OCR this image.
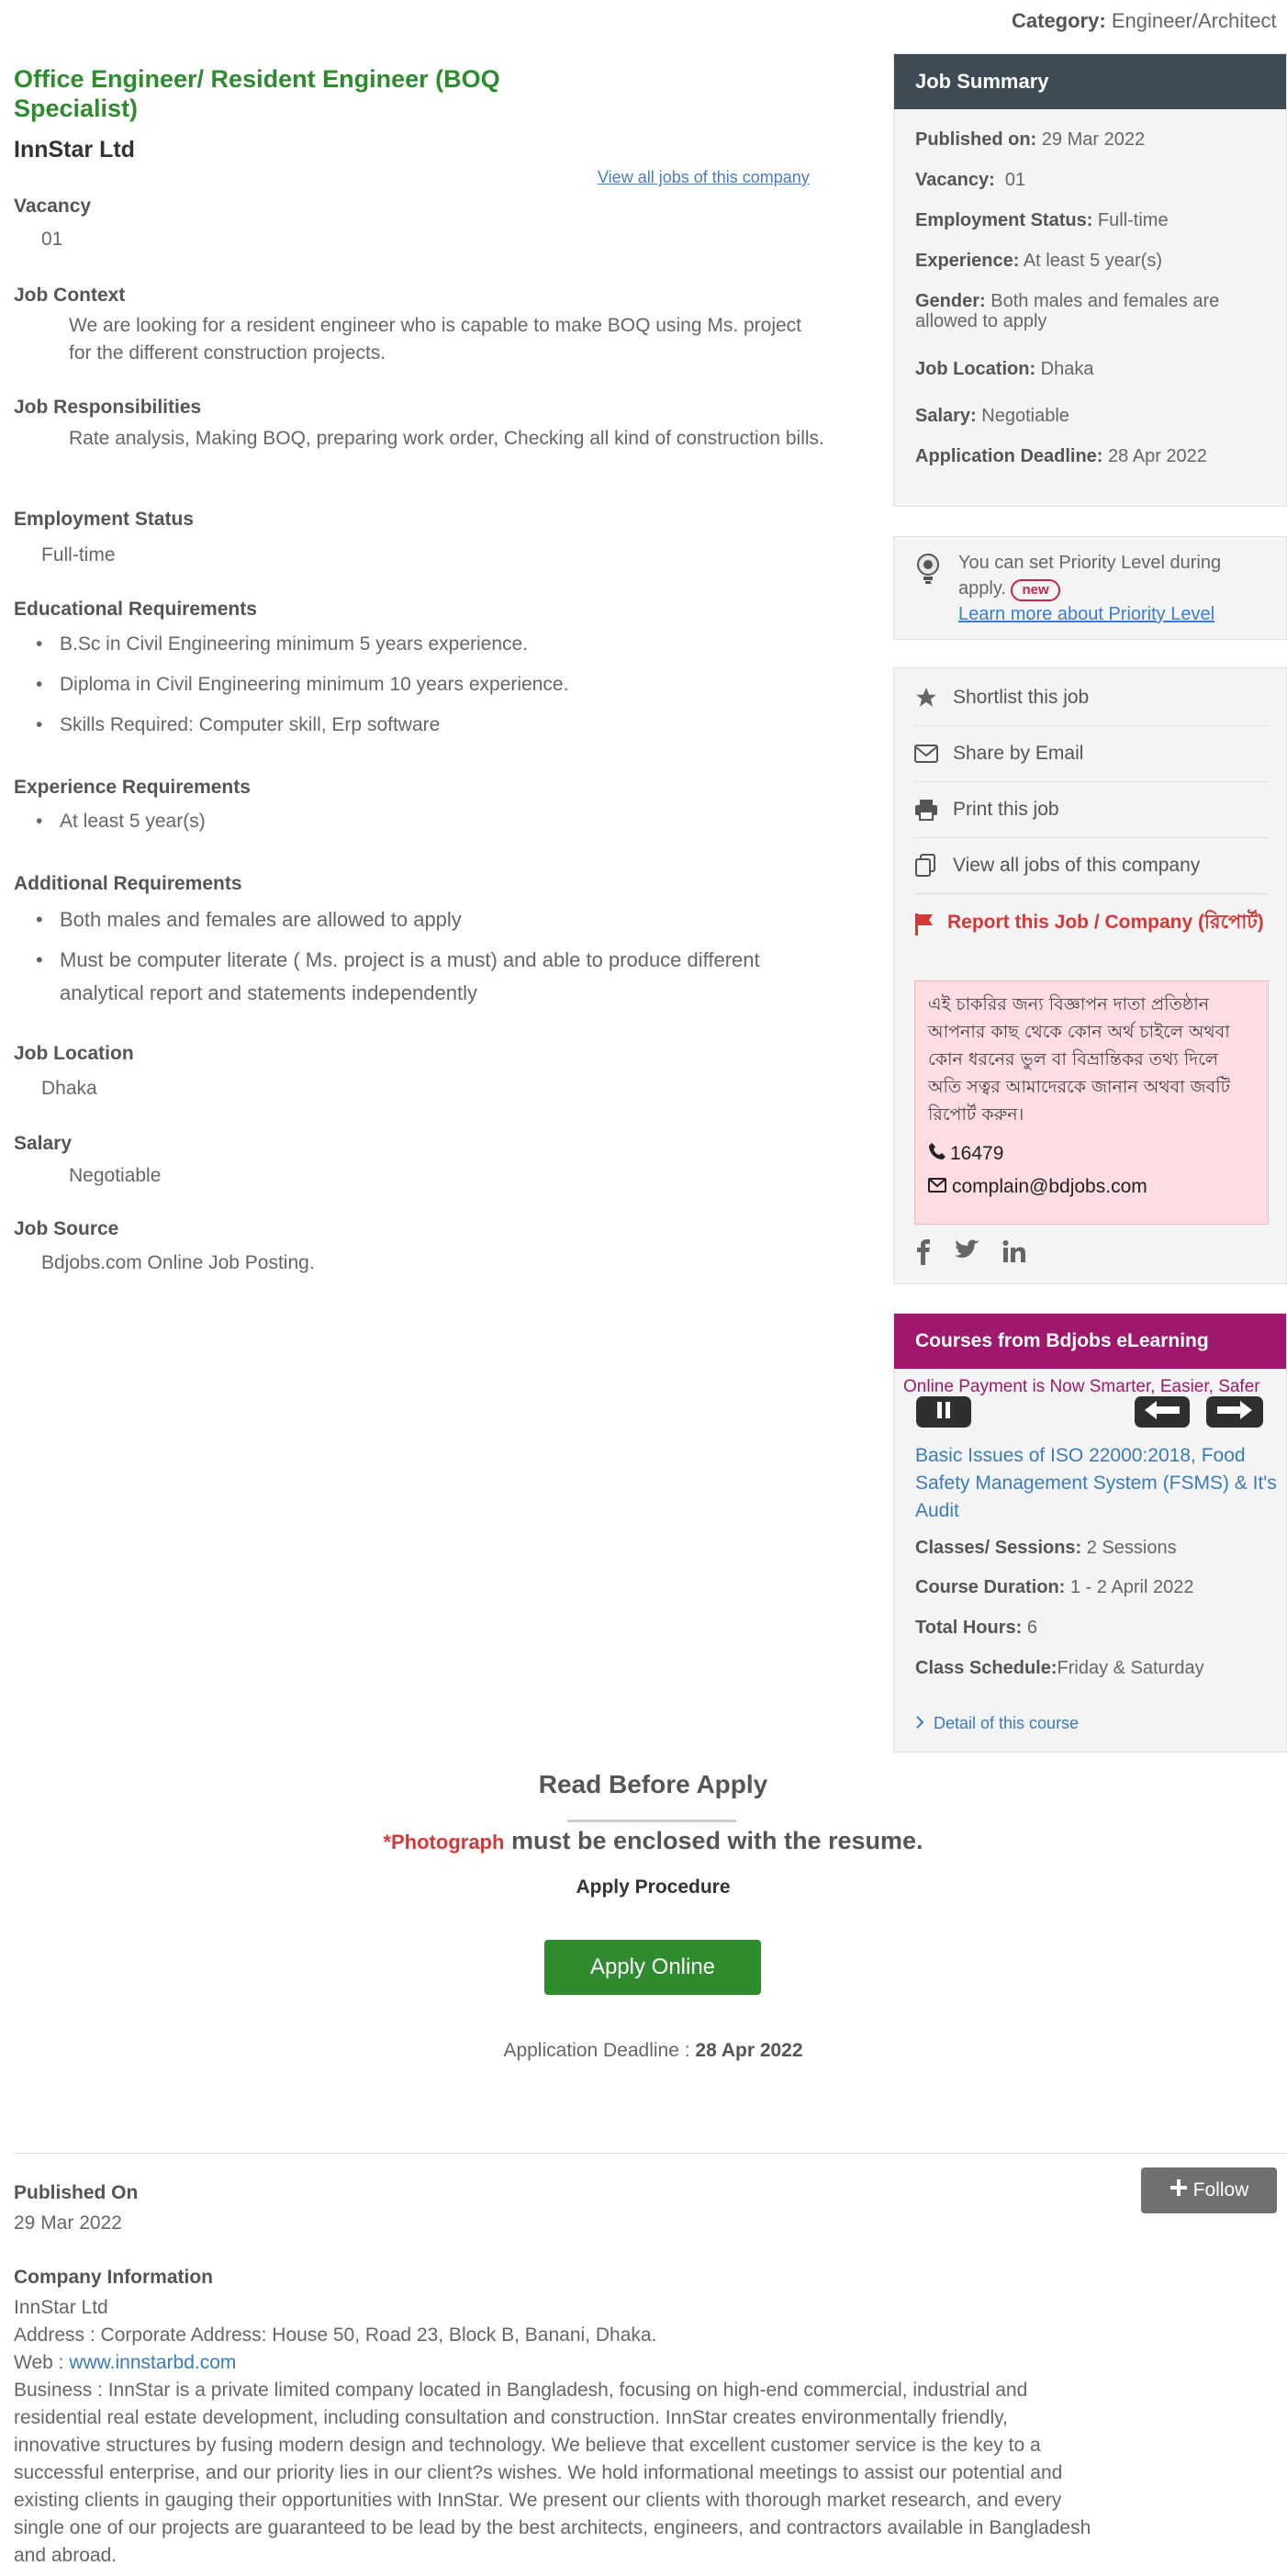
Category: Engineer/Architect
Office Engineer/ Resident Engineer (BOQ Specialist)
InnStar Ltd
View all jobs of this company
Vacancy
01
Job Context
We are looking for a resident engineer who is capable to make BOQ using Ms. project for the different construction projects.
Job Responsibilities
Rate analysis, Making BOQ, preparing work order, Checking all kind of construction bills.
Employment Status
Full-time
Educational Requirements
• B.Sc in Civil Engineering minimum 5 years experience.
• Diploma in Civil Engineering minimum 10 years experience.
• Skills Required: Computer skill, Erp software
Experience Requirements
• At least 5 year(s)
Additional Requirements
• Both males and females are allowed to apply
• Must be computer literate ( Ms. project is a must) and able to produce different analytical report and statements independently
Job Location
Dhaka
Salary
Negotiable
Job Source
Bdjobs.com Online Job Posting.
Job Summary
Published on: 29 Mar 2022
Vacancy: 01
Employment Status: Full-time
Experience: At least 5 year(s)
Gender: Both males and females are allowed to apply
Job Location: Dhaka
Salary: Negotiable
Application Deadline: 28 Apr 2022
You can set Priority Level during apply. new
Learn more about Priority Level
Shortlist this job
Share by Email
Print this job
View all jobs of this company
Report this Job / Company (রিপোর্ট)

এই চাকরির জন্য বিজ্ঞাপন দাতা প্রতিষ্ঠান আপনার কাছ থেকে কোন অর্থ চাইলে অথবা কোন ধরনের ভুল বা বিভ্রান্তিকর তথ্য দিলে অতি সত্বর আমাদেরকে জানান অথবা জবটি রিপোর্ট করুন।

16479
complain@bdjobs.com
Courses from Bdjobs eLearning
Online Payment is Now Smarter, Easier, Safer
Basic Issues of ISO 22000:2018, Food Safety Management System (FSMS) & It's Audit
Classes/ Sessions: 2 Sessions
Course Duration: 1 - 2 April 2022
Total Hours: 6
Class Schedule:Friday & Saturday
Detail of this course
Read Before Apply
*Photograph must be enclosed with the resume.
Apply Procedure
Apply Online
Application Deadline : 28 Apr 2022
Follow
Published On
29 Mar 2022
Company Information
InnStar Ltd
Address : Corporate Address: House 50, Road 23, Block B, Banani, Dhaka.
Web : www.innstarbd.com
Business : InnStar is a private limited company located in Bangladesh, focusing on high-end commercial, industrial and residential real estate development, including consultation and construction. InnStar creates environmentally friendly, innovative structures by fusing modern design and technology. We believe that excellent customer service is the key to a successful enterprise, and our priority lies in our client?s wishes. We hold informational meetings to assist our potential and existing clients in gauging their opportunities with InnStar. We present our clients with thorough market research, and every single one of our projects are guaranteed to be lead by the best architects, engineers, and contractors available in Bangladesh and abroad.
